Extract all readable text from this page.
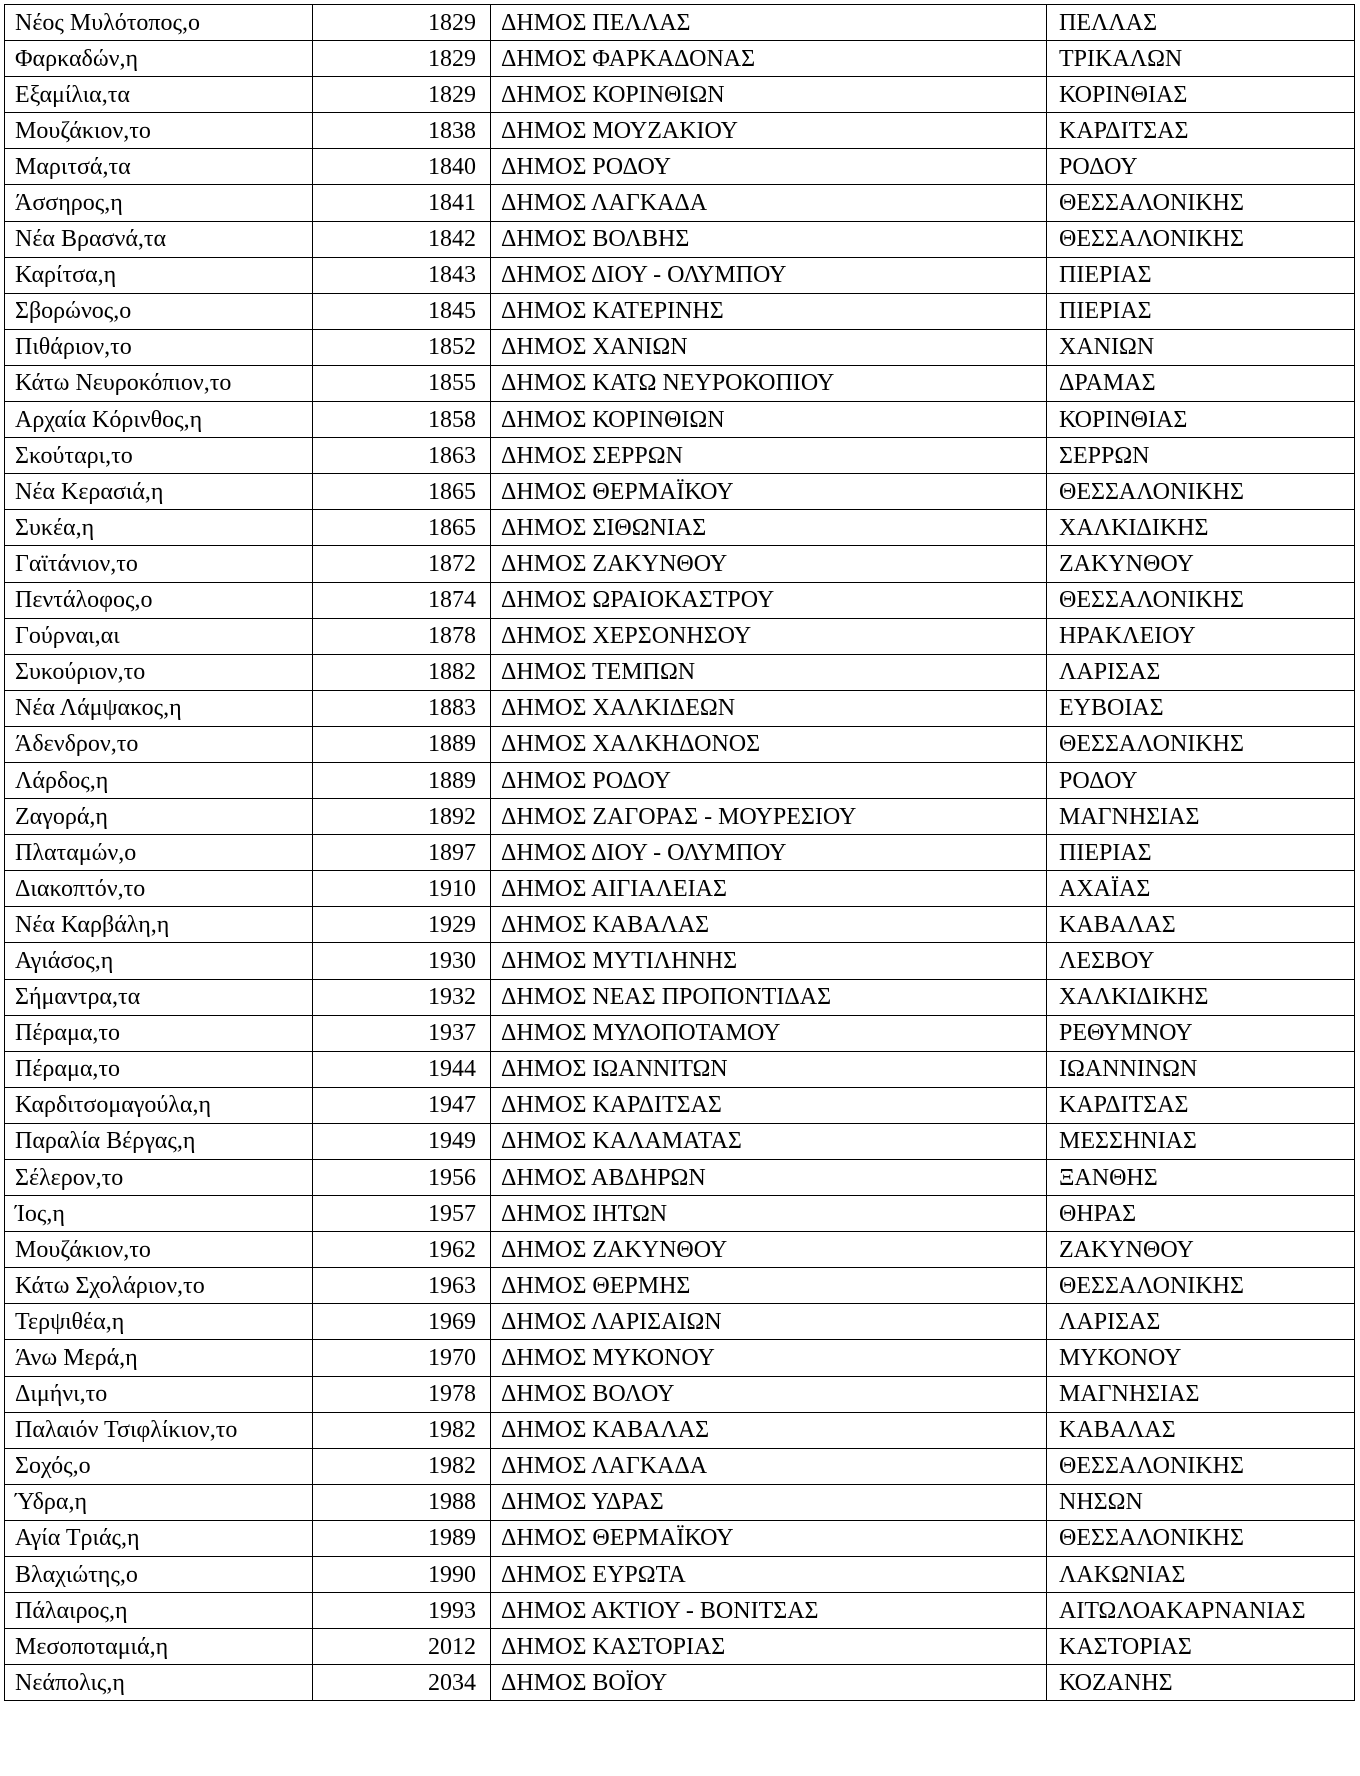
Νέος Μυλότοπος,ο	1829	ΔΗΜΟΣ ΠΕΛΛΑΣ	ΠΕΛΛΑΣ
Φαρκαδών,η	1829	ΔΗΜΟΣ ΦΑΡΚΑΔΟΝΑΣ	ΤΡΙΚΑΛΩΝ
Εξαμίλια,τα	1829	ΔΗΜΟΣ ΚΟΡΙΝΘΙΩΝ	ΚΟΡΙΝΘΙΑΣ
Μουζάκιον,το	1838	ΔΗΜΟΣ ΜΟΥΖΑΚΙΟΥ	ΚΑΡΔΙΤΣΑΣ
Μαριτσά,τα	1840	ΔΗΜΟΣ ΡΟΔΟΥ	ΡΟΔΟΥ
Άσσηρος,η	1841	ΔΗΜΟΣ ΛΑΓΚΑΔΑ	ΘΕΣΣΑΛΟΝΙΚΗΣ
Νέα Βρασνά,τα	1842	ΔΗΜΟΣ ΒΟΛΒΗΣ	ΘΕΣΣΑΛΟΝΙΚΗΣ
Καρίτσα,η	1843	ΔΗΜΟΣ ΔΙΟΥ - ΟΛΥΜΠΟΥ	ΠΙΕΡΙΑΣ
Σβορώνος,ο	1845	ΔΗΜΟΣ ΚΑΤΕΡΙΝΗΣ	ΠΙΕΡΙΑΣ
Πιθάριον,το	1852	ΔΗΜΟΣ ΧΑΝΙΩΝ	ΧΑΝΙΩΝ
Κάτω Νευροκόπιον,το	1855	ΔΗΜΟΣ ΚΑΤΩ ΝΕΥΡΟΚΟΠΙΟΥ	ΔΡΑΜΑΣ
Αρχαία Κόρινθος,η	1858	ΔΗΜΟΣ ΚΟΡΙΝΘΙΩΝ	ΚΟΡΙΝΘΙΑΣ
Σκούταρι,το	1863	ΔΗΜΟΣ ΣΕΡΡΩΝ	ΣΕΡΡΩΝ
Νέα Κερασιά,η	1865	ΔΗΜΟΣ ΘΕΡΜΑΪΚΟΥ	ΘΕΣΣΑΛΟΝΙΚΗΣ
Συκέα,η	1865	ΔΗΜΟΣ ΣΙΘΩΝΙΑΣ	ΧΑΛΚΙΔΙΚΗΣ
Γαϊτάνιον,το	1872	ΔΗΜΟΣ ΖΑΚΥΝΘΟΥ	ΖΑΚΥΝΘΟΥ
Πεντάλοφος,ο	1874	ΔΗΜΟΣ ΩΡΑΙΟΚΑΣΤΡΟΥ	ΘΕΣΣΑΛΟΝΙΚΗΣ
Γούρναι,αι	1878	ΔΗΜΟΣ ΧΕΡΣΟΝΗΣΟΥ	ΗΡΑΚΛΕΙΟΥ
Συκούριον,το	1882	ΔΗΜΟΣ ΤΕΜΠΩΝ	ΛΑΡΙΣΑΣ
Νέα Λάμψακος,η	1883	ΔΗΜΟΣ ΧΑΛΚΙΔΕΩΝ	ΕΥΒΟΙΑΣ
Άδενδρον,το	1889	ΔΗΜΟΣ ΧΑΛΚΗΔΟΝΟΣ	ΘΕΣΣΑΛΟΝΙΚΗΣ
Λάρδος,η	1889	ΔΗΜΟΣ ΡΟΔΟΥ	ΡΟΔΟΥ
Ζαγορά,η	1892	ΔΗΜΟΣ ΖΑΓΟΡΑΣ - ΜΟΥΡΕΣΙΟΥ	ΜΑΓΝΗΣΙΑΣ
Πλαταμών,ο	1897	ΔΗΜΟΣ ΔΙΟΥ - ΟΛΥΜΠΟΥ	ΠΙΕΡΙΑΣ
Διακοπτόν,το	1910	ΔΗΜΟΣ ΑΙΓΙΑΛΕΙΑΣ	ΑΧΑΪΑΣ
Νέα Καρβάλη,η	1929	ΔΗΜΟΣ ΚΑΒΑΛΑΣ	ΚΑΒΑΛΑΣ
Αγιάσος,η	1930	ΔΗΜΟΣ ΜΥΤΙΛΗΝΗΣ	ΛΕΣΒΟΥ
Σήμαντρα,τα	1932	ΔΗΜΟΣ ΝΕΑΣ ΠΡΟΠΟΝΤΙΔΑΣ	ΧΑΛΚΙΔΙΚΗΣ
Πέραμα,το	1937	ΔΗΜΟΣ ΜΥΛΟΠΟΤΑΜΟΥ	ΡΕΘΥΜΝΟΥ
Πέραμα,το	1944	ΔΗΜΟΣ ΙΩΑΝΝΙΤΩΝ	ΙΩΑΝΝΙΝΩΝ
Καρδιτσομαγούλα,η	1947	ΔΗΜΟΣ ΚΑΡΔΙΤΣΑΣ	ΚΑΡΔΙΤΣΑΣ
Παραλία Βέργας,η	1949	ΔΗΜΟΣ ΚΑΛΑΜΑΤΑΣ	ΜΕΣΣΗΝΙΑΣ
Σέλερον,το	1956	ΔΗΜΟΣ ΑΒΔΗΡΩΝ	ΞΑΝΘΗΣ
Ίος,η	1957	ΔΗΜΟΣ ΙΗΤΩΝ	ΘΗΡΑΣ
Μουζάκιον,το	1962	ΔΗΜΟΣ ΖΑΚΥΝΘΟΥ	ΖΑΚΥΝΘΟΥ
Κάτω Σχολάριον,το	1963	ΔΗΜΟΣ ΘΕΡΜΗΣ	ΘΕΣΣΑΛΟΝΙΚΗΣ
Τερψιθέα,η	1969	ΔΗΜΟΣ ΛΑΡΙΣΑΙΩΝ	ΛΑΡΙΣΑΣ
Άνω Μερά,η	1970	ΔΗΜΟΣ ΜΥΚΟΝΟΥ	ΜΥΚΟΝΟΥ
Διμήνι,το	1978	ΔΗΜΟΣ ΒΟΛΟΥ	ΜΑΓΝΗΣΙΑΣ
Παλαιόν Τσιφλίκιον,το	1982	ΔΗΜΟΣ ΚΑΒΑΛΑΣ	ΚΑΒΑΛΑΣ
Σοχός,ο	1982	ΔΗΜΟΣ ΛΑΓΚΑΔΑ	ΘΕΣΣΑΛΟΝΙΚΗΣ
Ύδρα,η	1988	ΔΗΜΟΣ ΥΔΡΑΣ	ΝΗΣΩΝ
Αγία Τριάς,η	1989	ΔΗΜΟΣ ΘΕΡΜΑΪΚΟΥ	ΘΕΣΣΑΛΟΝΙΚΗΣ
Βλαχιώτης,ο	1990	ΔΗΜΟΣ ΕΥΡΩΤΑ	ΛΑΚΩΝΙΑΣ
Πάλαιρος,η	1993	ΔΗΜΟΣ ΑΚΤΙΟΥ - ΒΟΝΙΤΣΑΣ	ΑΙΤΩΛΟΑΚΑΡΝΑΝΙΑΣ
Μεσοποταμιά,η	2012	ΔΗΜΟΣ ΚΑΣΤΟΡΙΑΣ	ΚΑΣΤΟΡΙΑΣ
Νεάπολις,η	2034	ΔΗΜΟΣ ΒΟΪΟΥ	ΚΟΖΑΝΗΣ
